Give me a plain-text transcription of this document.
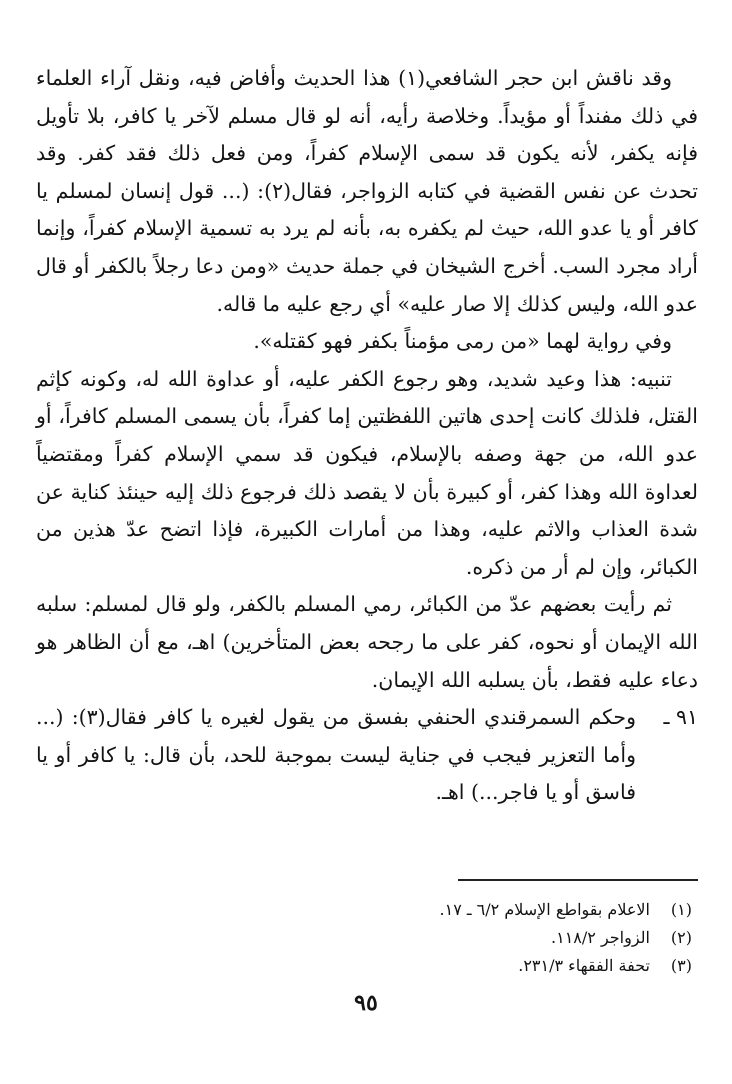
وقد ناقش ابن حجر الشافعي(١) هذا الحديث وأفاض فيه، ونقل آراء العلماء في ذلك مفنداً أو مؤيداً. وخلاصة رأيه، أنه لو قال مسلم لآخر يا كافر، بلا تأويل فإنه يكفر، لأنه يكون قد سمى الإسلام كفراً، ومن فعل ذلك فقد كفر. وقد تحدث عن نفس القضية في كتابه الزواجر، فقال(٢): (... قول إنسان لمسلم يا كافر أو يا عدو الله، حيث لم يكفره به، بأنه لم يرد به تسمية الإسلام كفراً، وإنما أراد مجرد السب. أخرج الشيخان في جملة حديث «ومن دعا رجلاً بالكفر أو قال عدو الله، وليس كذلك إلا صار عليه» أي رجع عليه ما قاله.

وفي رواية لهما «من رمى مؤمناً بكفر فهو كقتله».

تنبيه: هذا وعيد شديد، وهو رجوع الكفر عليه، أو عداوة الله له، وكونه كإثم القتل، فلذلك كانت إحدى هاتين اللفظتين إما كفراً، بأن يسمى المسلم كافراً، أو عدو الله، من جهة وصفه بالإسلام، فيكون قد سمي الإسلام كفراً ومقتضياً لعداوة الله وهذا كفر، أو كبيرة بأن لا يقصد ذلك فرجوع ذلك إليه حينئذ كناية عن شدة العذاب والاثم عليه، وهذا من أمارات الكبيرة، فإذا اتضح عدّ هذين من الكبائر، وإن لم أر من ذكره.

ثم رأيت بعضهم عدّ من الكبائر، رمي المسلم بالكفر، ولو قال لمسلم: سلبه الله الإيمان أو نحوه، كفر على ما رجحه بعض المتأخرين) اهـ، مع أن الظاهر هو دعاء عليه فقط، بأن يسلبه الله الإيمان.

٩١ ـ
وحكم السمرقندي الحنفي بفسق من يقول لغيره يا كافر فقال(٣): (... وأما التعزير فيجب في جناية ليست بموجبة للحد، بأن قال: يا كافر أو يا فاسق أو يا فاجر...) اهـ.

(١)
الاعلام بقواطع الإسلام ٦/٢ ـ ١٧.
(٢)
الزواجر ١١٨/٢.
(٣)
تحفة الفقهاء ٢٣١/٣.
٩٥
